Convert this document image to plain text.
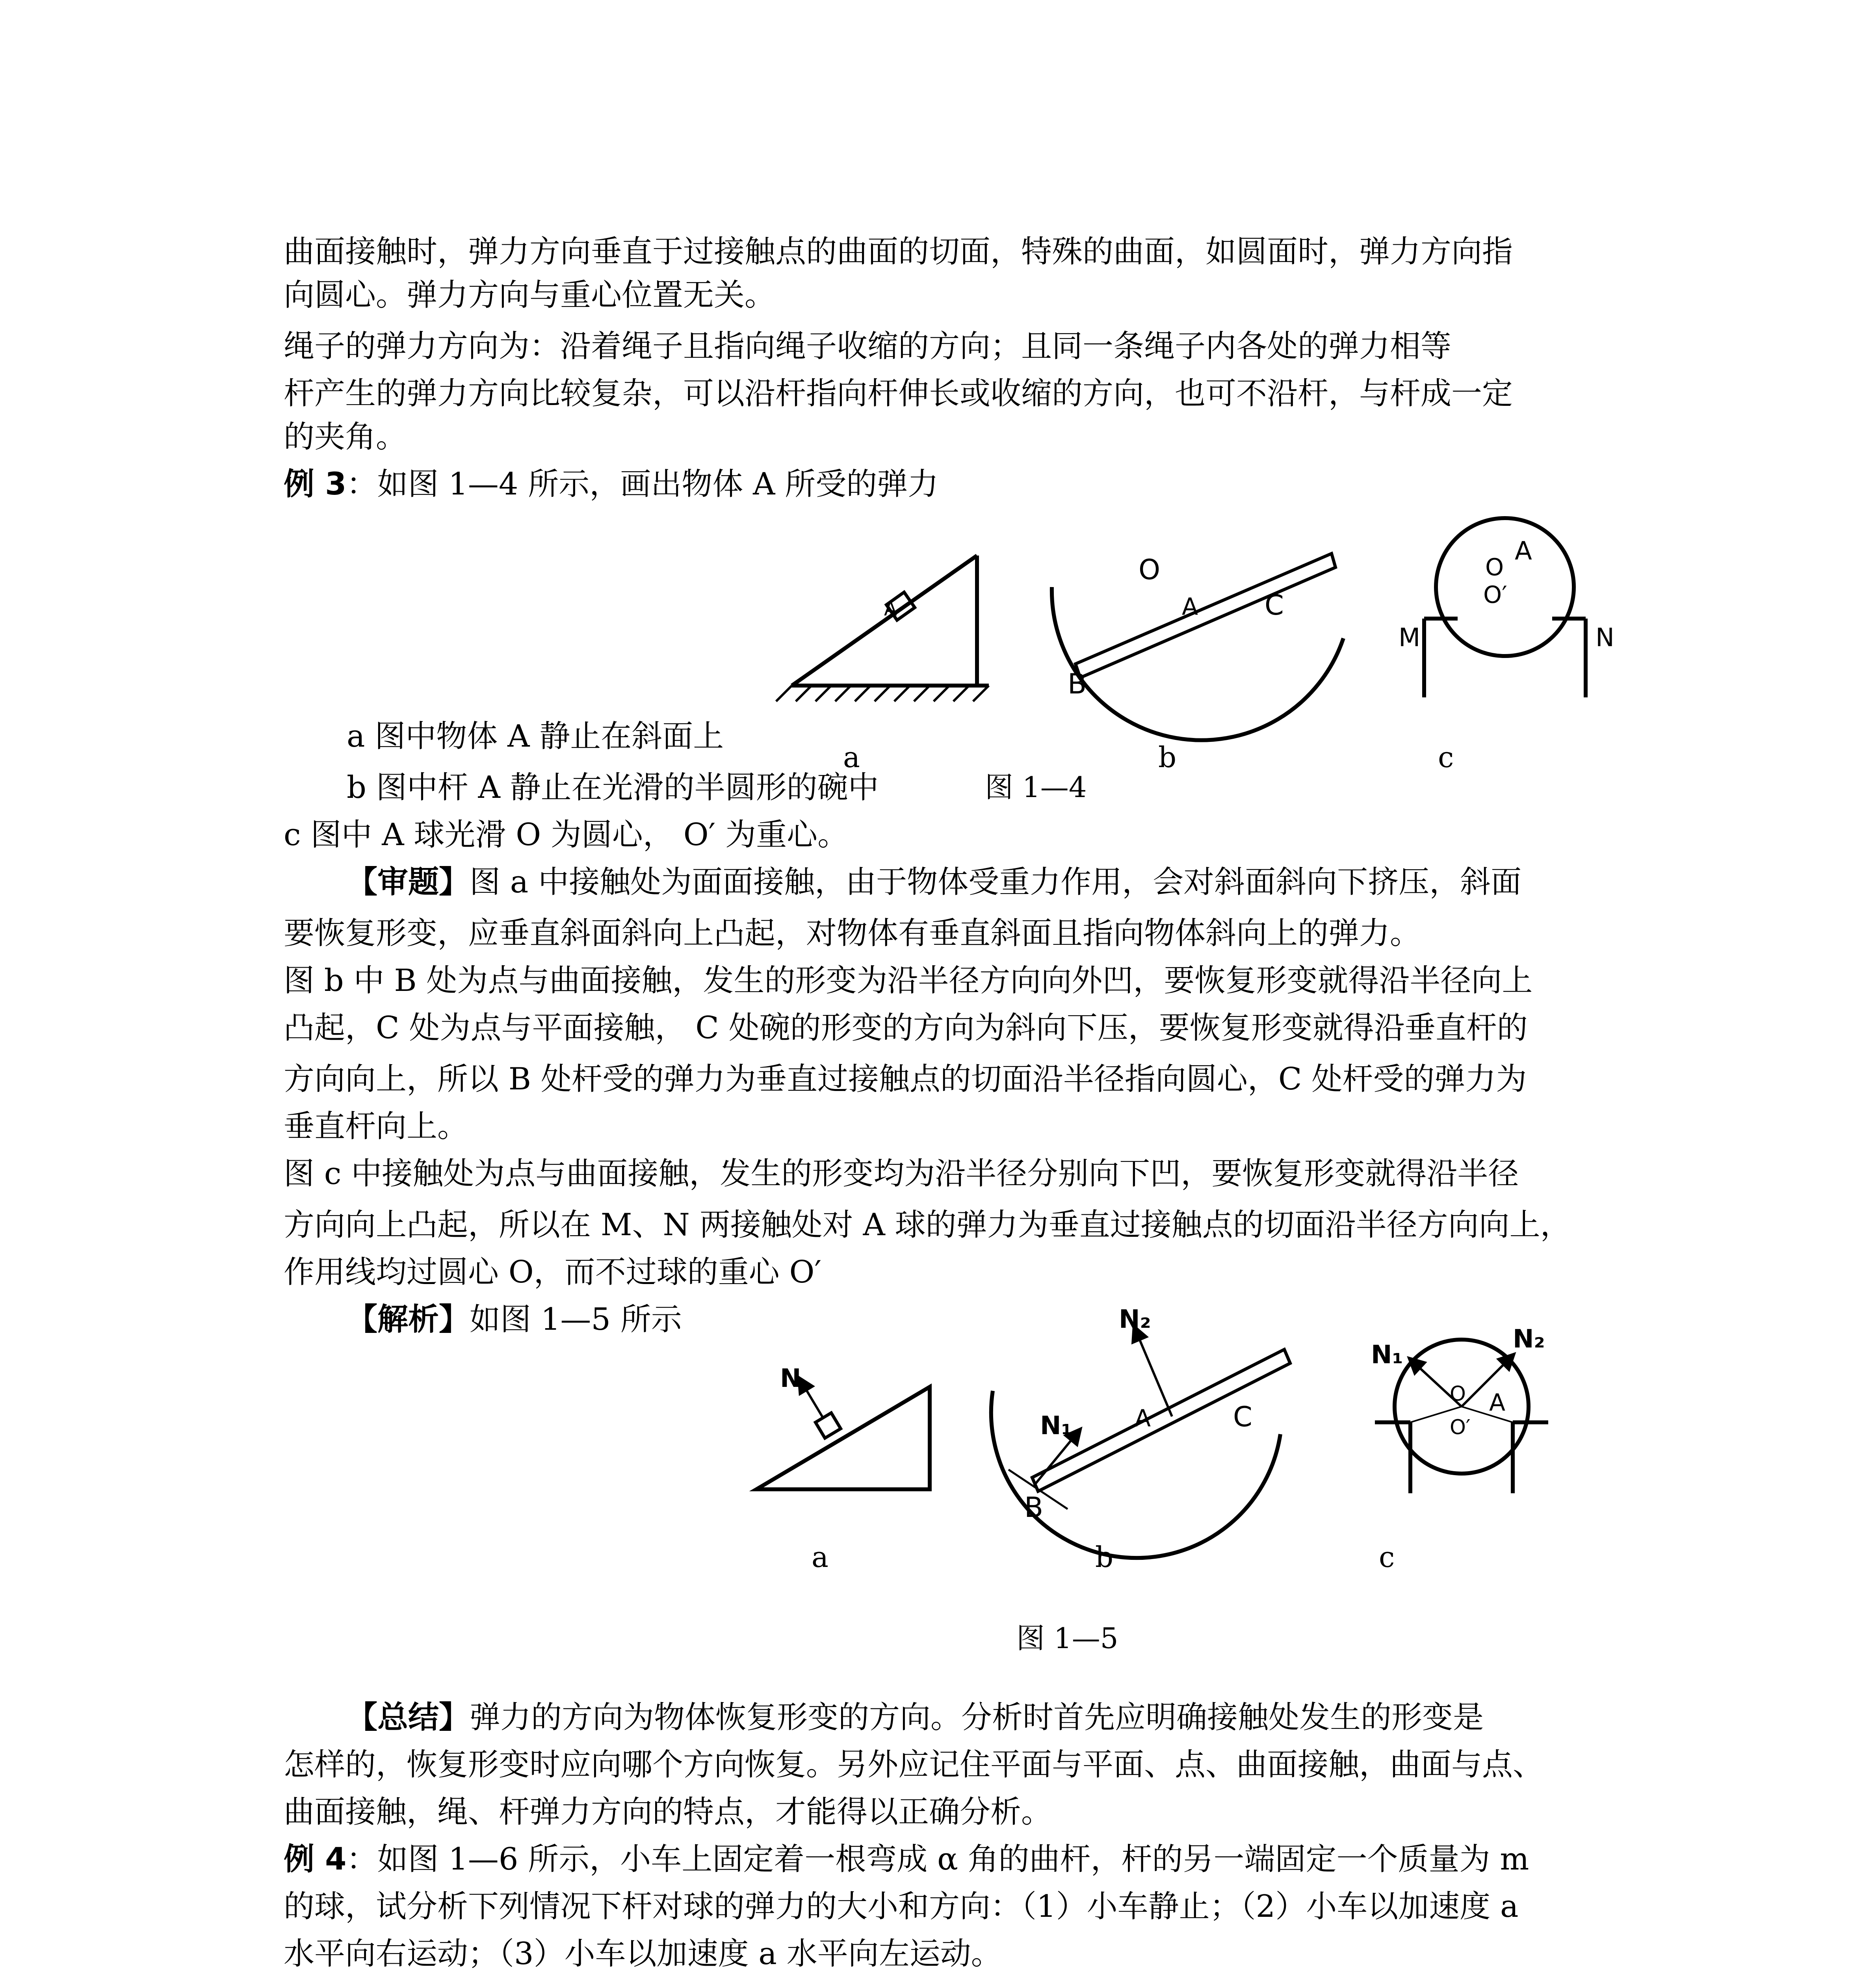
曲面接触时，弹力方向垂直于过接触点的曲面的切面，特殊的曲面，如圆面时，弹力方向指
向圆心。弹力方向与重心位置无关。
绳子的弹力方向为：沿着绳子且指向绳子收缩的方向；且同一条绳子内各处的弹力相等
杆产生的弹力方向比较复杂，可以沿杆指向杆伸长或收缩的方向，也可不沿杆，与杆成一定
的夹角。
例 3：如图 1—4 所示，画出物体 A 所受的弹力
A
O
A C
B
A
O
O′
M	N
a	b	c
图 1—4
a 图中物体 A 静止在斜面上
b 图中杆 A 静止在光滑的半圆形的碗中
c 图中 A 球光滑 O 为圆心， O′ 为重心。
【审题】图 a 中接触处为面面接触，由于物体受重力作用，会对斜面斜向下挤压，斜面
要恢复形变，应垂直斜面斜向上凸起，对物体有垂直斜面且指向物体斜向上的弹力。
图 b 中 B 处为点与曲面接触，发生的形变为沿半径方向向外凹，要恢复形变就得沿半径向上
凸起，C 处为点与平面接触， C 处碗的形变的方向为斜向下压，要恢复形变就得沿垂直杆的
方向向上，所以 B 处杆受的弹力为垂直过接触点的切面沿半径指向圆心，C 处杆受的弹力为
垂直杆向上。
图 c 中接触处为点与曲面接触，发生的形变均为沿半径分别向下凹，要恢复形变就得沿半径
方向向上凸起，所以在 M、N 两接触处对 A 球的弹力为垂直过接触点的切面沿半径方向向上，
作用线均过圆心 O，而不过球的重心 O′
【解析】如图 1—5 所示
N
N₁
N₂
A	C
B
N₁
N₂
A
O
O′
a	b	c
图 1—5
【总结】弹力的方向为物体恢复形变的方向。分析时首先应明确接触处发生的形变是
怎样的，恢复形变时应向哪个方向恢复。另外应记住平面与平面、点、曲面接触，曲面与点、
曲面接触，绳、杆弹力方向的特点，才能得以正确分析。
例 4：如图 1—6 所示，小车上固定着一根弯成 α 角的曲杆，杆的另一端固定一个质量为 m
的球，试分析下列情况下杆对球的弹力的大小和方向：（1）小车静止；（2）小车以加速度 a
水平向右运动；（3）小车以加速度 a 水平向左运动。
